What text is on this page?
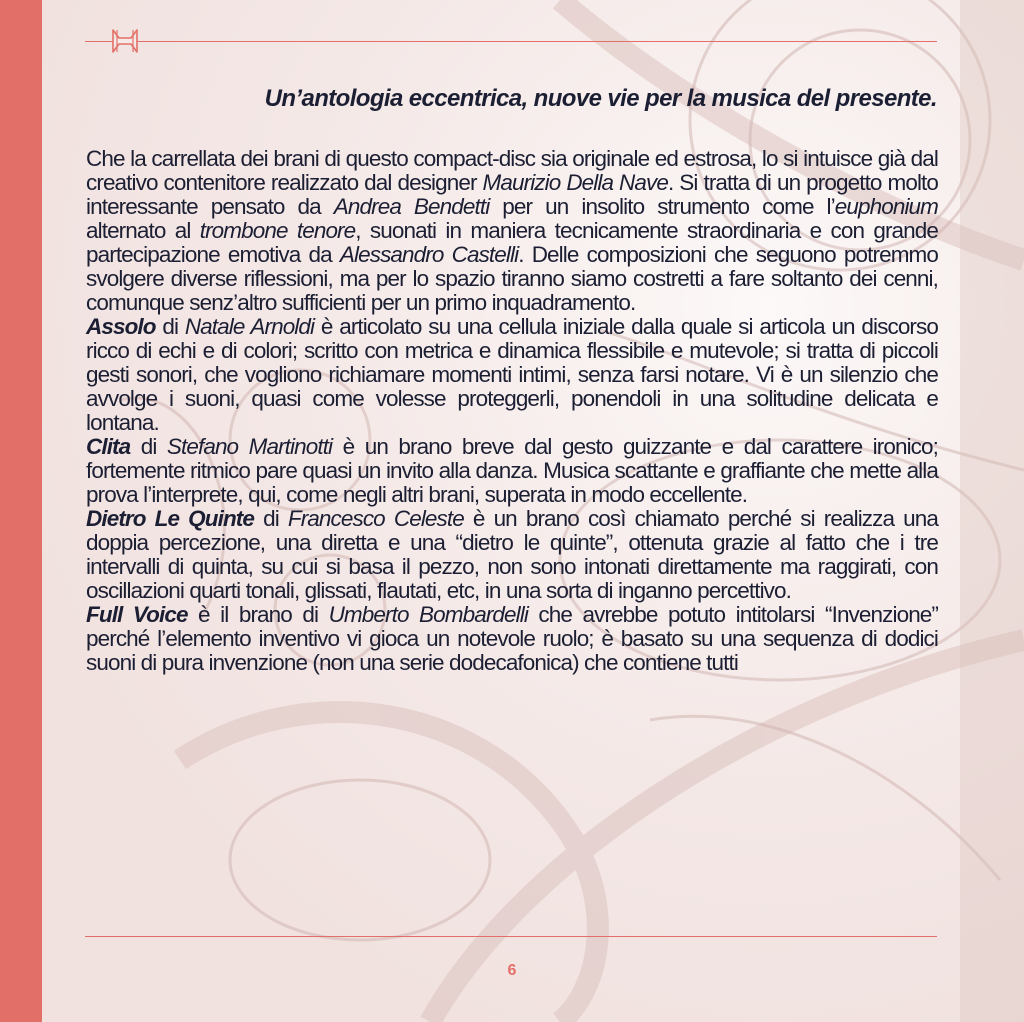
Un’antologia eccentrica, nuove vie per la musica del presente.

Che la carrellata dei brani di questo compact-disc sia originale ed estrosa, lo si intuisce già dal creativo contenitore realizzato dal designer Maurizio Della Nave. Si tratta di un progetto molto interessante pensato da Andrea Bendetti per un insolito strumento come l’euphonium alternato al trombone tenore, suonati in maniera tecnicamente straordinaria e con grande partecipazione emotiva da Alessandro Castelli. Delle composizioni che seguono potremmo svolgere diverse riflessioni, ma per lo spazio tiranno siamo costretti a fare soltanto dei cenni, comunque senz’altro sufficienti per un primo inquadramento.

Assolo di Natale Arnoldi è articolato su una cellula iniziale dalla quale si articola un discorso ricco di echi e di colori; scritto con metrica e dinamica flessibile e mutevole; si tratta di piccoli gesti sonori, che vogliono richiamare momenti intimi, senza farsi notare. Vi è un silenzio che avvolge i suoni, quasi come volesse proteggerli, ponendoli in una solitudine delicata e lontana.

Clita di Stefano Martinotti è un brano breve dal gesto guizzante e dal carattere ironico; fortemente ritmico pare quasi un invito alla danza. Musica scattante e graffiante che mette alla prova l’interprete, qui, come negli altri brani, superata in modo eccellente.

Dietro Le Quinte di Francesco Celeste è un brano così chiamato perché si realizza una doppia percezione, una diretta e una “dietro le quinte”, ottenuta grazie al fatto che i tre intervalli di quinta, su cui si basa il pezzo, non sono intonati direttamente ma raggirati, con oscillazioni quarti tonali, glissati, flautati, etc, in una sorta di inganno percettivo.

Full Voice è il brano di Umberto Bombardelli che avrebbe potuto intitolarsi “Invenzione” perché l’elemento inventivo vi gioca un notevole ruolo; è basato su una sequenza di dodici suoni di pura invenzione (non una serie dodecafonica) che contiene tutti

6
